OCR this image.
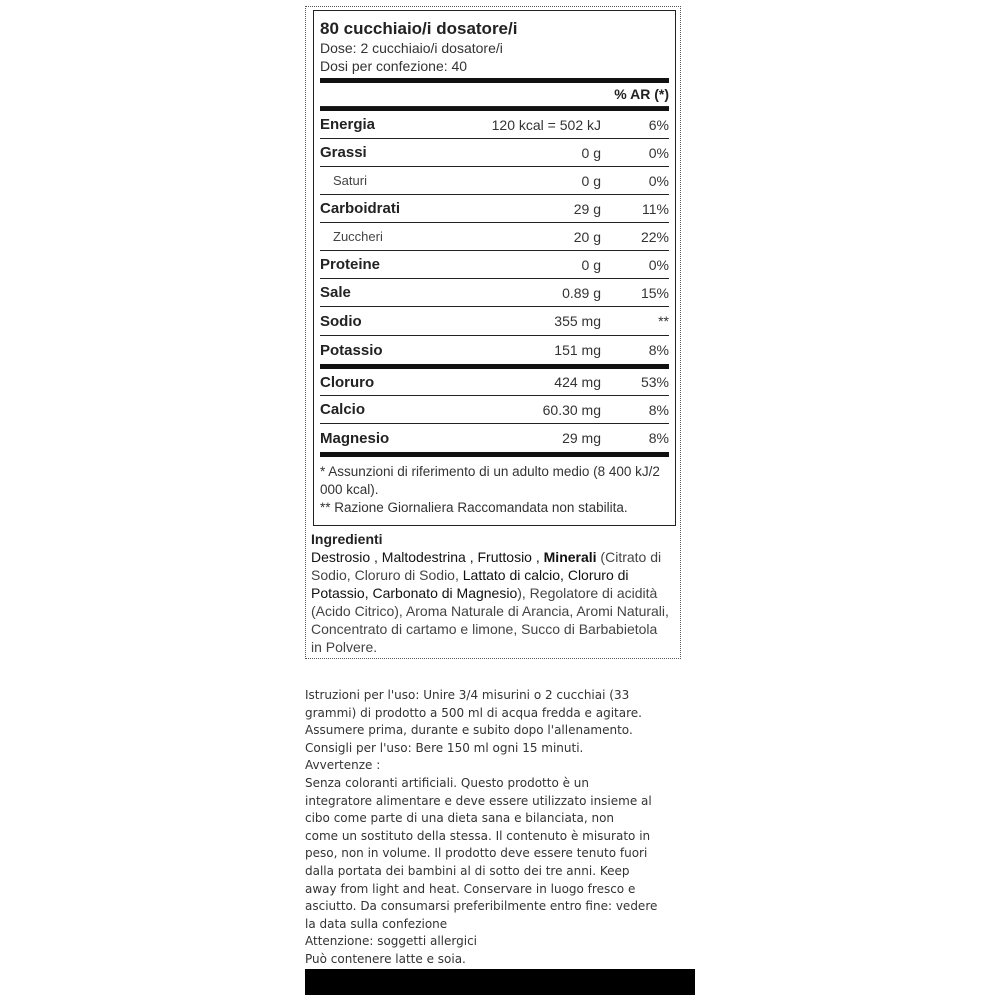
80 cucchiaio/i dosatore/i
Dose: 2 cucchiaio/i dosatore/i
Dosi per confezione: 40
% AR (*)
Energia	120 kcal = 502 kJ	6%
Grassi	0 g	0%
Saturi	0 g	0%
Carboidrati	29 g	11%
Zuccheri	20 g	22%
Proteine	0 g	0%
Sale	0.89 g	15%
Sodio	355 mg	**
Potassio	151 mg	8%
Cloruro	424 mg	53%
Calcio	60.30 mg	8%
Magnesio	29 mg	8%
* Assunzioni di riferimento di un adulto medio (8 400 kJ/2 000 kcal).
** Razione Giornaliera Raccomandata non stabilita.
Ingredienti
Destrosio , Maltodestrina , Fruttosio , Minerali (Citrato di Sodio, Cloruro di Sodio, Lattato di calcio, Cloruro di Potassio, Carbonato di Magnesio), Regolatore di acidità (Acido Citrico), Aroma Naturale di Arancia, Aromi Naturali, Concentrato di cartamo e limone, Succo di Barbabietola in Polvere.
Istruzioni per l'uso: Unire 3/4 misurini o 2 cucchiai (33
grammi) di prodotto a 500 ml di acqua fredda e agitare.
Assumere prima, durante e subito dopo l'allenamento.
Consigli per l'uso: Bere 150 ml ogni 15 minuti.
Avvertenze :
Senza coloranti artificiali. Questo prodotto è un
integratore alimentare e deve essere utilizzato insieme al
cibo come parte di una dieta sana e bilanciata, non
come un sostituto della stessa. Il contenuto è misurato in
peso, non in volume. Il prodotto deve essere tenuto fuori
dalla portata dei bambini al di sotto dei tre anni. Keep
away from light and heat. Conservare in luogo fresco e
asciutto. Da consumarsi preferibilmente entro fine: vedere
la data sulla confezione
Attenzione: soggetti allergici
Può contenere latte e soia.
